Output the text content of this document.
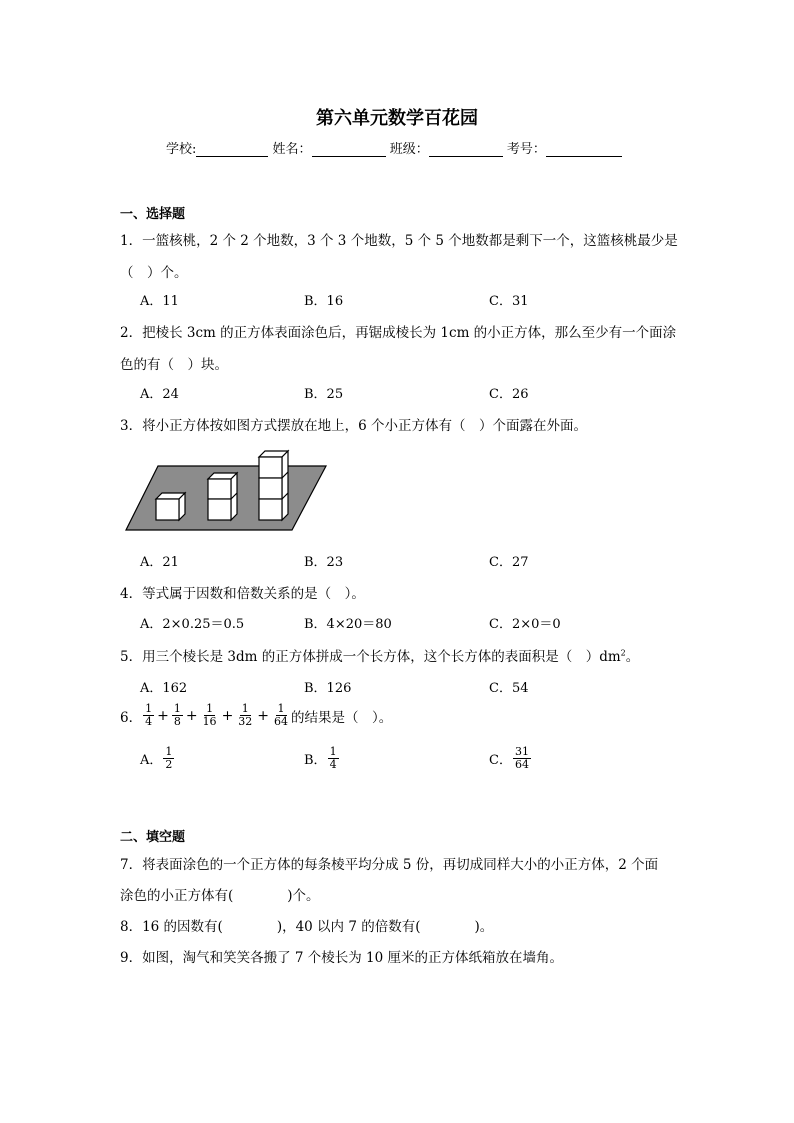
第六单元数学百花园
学校:	姓名：	班级：	考号：
一、选择题
1．一篮核桃，2 个 2 个地数，3 个 3 个地数，5 个 5 个地数都是剩下一个，这篮核桃最少是
（　）个。
A．11	B．16	C．31
2．把棱长 3cm 的正方体表面涂色后，再锯成棱长为 1cm 的小正方体，那么至少有一个面涂
色的有（　）块。
A．24	B．25	C．26
3．将小正方体按如图方式摆放在地上，6 个小正方体有（　）个面露在外面。
A．21	B．23	C．27
4．等式属于因数和倍数关系的是（　）。
A．2×0.25＝0.5	B．4×20＝80	C．2×0＝0
5．用三个棱长是 3dm 的正方体拼成一个长方体，这个长方体的表面积是（　）$dm^2$。
A．162	B．126	C．54
6． $\frac{1}{4} + \frac{1}{8} + \frac{1}{16} + \frac{1}{32} + \frac{1}{64}$ 的结果是（　）。
A． $\frac{1}{2}$	B． $\frac{1}{4}$	C． $\frac{31}{64}$
二、填空题
7．将表面涂色的一个正方体的每条棱平均分成 5 份，再切成同样大小的小正方体，2 个面
涂色的小正方体有(　　　　)个。
8．16 的因数有(　　　　)，40 以内 7 的倍数有(　　　　)。
9．如图，淘气和笑笑各搬了 7 个棱长为 10 厘米的正方体纸箱放在墙角。
